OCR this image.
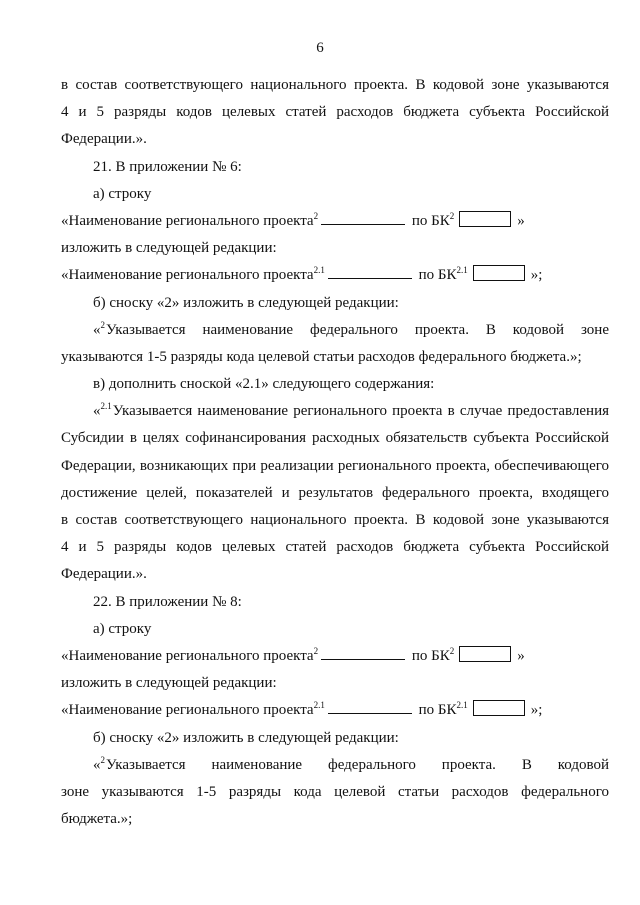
6
в состав соответствующего национального проекта. В кодовой зоне указываются
4 и 5 разряды кодов целевых статей расходов бюджета субъекта Российской
Федерации.».
21. В приложении № 6:
а) строку
«Наименование регионального проекта$^2$	по $БК^2$	»
изложить в следующей редакции:
«Наименование регионального проекта$^{2.1}$	по $БК^{2.1}$	»;
б) сноску «2» изложить в следующей редакции:
«$^2$Указывается наименование федерального проекта. В кодовой зоне
указываются 1-5 разряды кода целевой статьи расходов федерального бюджета.»;
в) дополнить сноской «2.1» следующего содержания:
«$^{2.1}$Указывается наименование регионального проекта в случае предоставления
Субсидии в целях софинансирования расходных обязательств субъекта Российской
Федерации, возникающих при реализации регионального проекта, обеспечивающего
достижение целей, показателей и результатов федерального проекта, входящего
в состав соответствующего национального проекта. В кодовой зоне указываются
4 и 5 разряды кодов целевых статей расходов бюджета субъекта Российской
Федерации.».
22. В приложении № 8:
а) строку
«Наименование регионального проекта$^2$	по $БК^2$	»
изложить в следующей редакции:
«Наименование регионального проекта$^{2.1}$	по $БК^{2.1}$	»;
б) сноску «2» изложить в следующей редакции:
«$^2$Указывается наименование федерального проекта. В кодовой
зоне указываются 1-5 разряды кода целевой статьи расходов федерального
бюджета.»;
